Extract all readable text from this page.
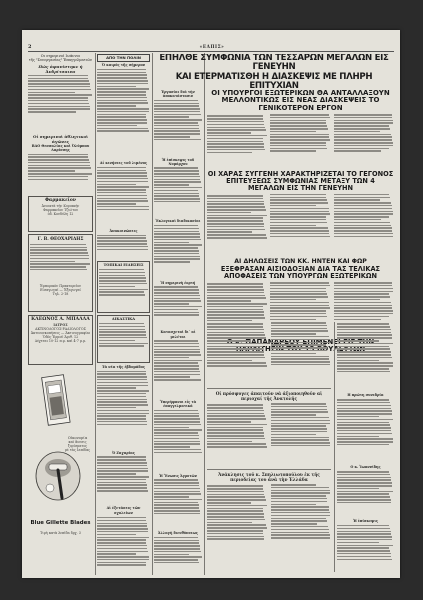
2	«ΕΛΠΙΣ»
Οι σημερινοί Ιωάννοι
τῆς "Συνεργασίας" Ἐπαγγελματιῶν
Πώς ἀφανίστηκε ἡ Ἀνδρίτσαινα
Οἱ σημερινοὶ ἀθλητικοὶ ἀγῶνες
ΒΑΟ Θεσσαλίας καὶ Ὀλύμπου Λαρίσσης
Φαρμακεῖον
Ἀνοικτὰ τὴν Κυριακήν
Φαρμακεῖον Τζιώτου
ὁδ. Κονδύλη 12
Γ. Β. ΘΕΟΧΑΡΙΔΗΣ
Ἐμπορικὸν Πρακτορεῖον
Εἰσαγωγαί — Ἐξαγωγαί
Τηλ. 2-18
ΚΛΕΩΝΟΣ Α. ΜΠΑΛΛΑ
ΙΑΤΡΟΣ
ΑΚΤΙΝΟΛΟΓΟΣ-ΡΑΔΙΟΛΟΓΟΣ
Ἀκτινοσκοπήσεις — Ἀκτινογραφίαι
Ὁδὸς Ἐρμοῦ Ἀριθ. 12
Δέχεται 10-12 π.μ. καὶ 4-7 μ.μ.
Οἰκονομία
καὶ ἄνεσις ξυρίσματος
μὲ τὰς λεπίδας
Blue Gillette Blades
Τιμὴ κατὰ λεπίδα δρχ. 3
ΑΠΟ ΤΗΝ ΠΟΛΙΝ
Ὁ καιρὸς τῆς σήμερον
Αἱ κινήσεις τοῦ λιμένος
Ἀνακοινώσεις
ΤΟΠΙΚΑΙ ΕΙΔΗΣΕΙΣ
ΔΙΚΑΣΤΙΚΑ
Τὰ νέα τῆς ἐβδομάδος
Ὁ Ζαχαρίας
Αἱ ἐξετάσεις τῶν σχολείων
Ἐργασίαι διὰ τὴν ἀποκατάστασιν
Ἡ ἐπίσκεψις τοῦ Νομάρχου
Ἐκλογικαὶ διαδικασίαι
Ἡ σημερινὴ ἐορτή
Κατασχεταὶ δι᾽ αἱ μελέται
Ὑπερήφανοι εἰς τὰ ἐπαγγελματικά
Ἡ Ἕνωσις Ἀγροτῶν
Ἀλλαγὴ διευθύνσεως
ΕΠΗΛΘΕ ΣΥΜΦΩΝΙΑ ΤΩΝ ΤΕΣΣΑΡΩΝ ΜΕΓΑΛΩΝ ΕΙΣ ΓΕΝΕΥΗΝ
ΚΑΙ ΕΤΕΡΜΑΤΙΣΘΗ Η ΔΙΑΣΚΕΨΙΣ ΜΕ ΠΛΗΡΗ ΕΠΙΤΥΧΙΑΝ
ΟΙ ΥΠΟΥΡΓΟΙ ΕΞΩΤΕΡΙΚΩΝ ΘΑ ΑΝΤΑΛΛΑΞΟΥΝ ΜΕΛΛΟΝΤΙΚΩΣ ΕΙΣ ΝΕΑΣ ΔΙΑΣΚΕΨΕΙΣ ΤΟ ΓΕΝΙΚΟΤΕΡΟΝ ΕΡΓΟΝ
ΟΙ ΧΑΡΑΣ ΣΥΓΓΕΝΗ ΧΑΡΑΚΤΗΡΙΖΕΤΑΙ ΤΟ ΓΕΓΟΝΟΣ ΕΠΙΤΕΥΞΕΩΣ ΣΥΜΦΩΝΙΑΣ ΜΕΤΑΞΥ ΤΩΝ 4 ΜΕΓΑΛΩΝ ΕΙΣ ΤΗΝ ΓΕΝΕΥΗΝ
ΑΙ ΔΗΛΩΣΕΙΣ ΤΩΝ ΚΚ. ΗΝΤΕΝ ΚΑΙ ΦΩΡ
ΕΞΕΦΡΑΣΑΝ ΑΙΣΙΟΔΟΞΙΑΝ ΔΙΑ ΤΑΣ ΤΕΛΙΚΑΣ ΑΠΟΦΑΣΕΙΣ ΤΩΝ ΥΠΟΥΡΓΩΝ ΕΞΩΤΕΡΙΚΩΝ
Οἱ πρόσφυγες ἀπαιτοῦν νὰ ἀξιοποιηθοῦν αἱ περιοχαί τῆς Ἀνατολῆς
Ἀνάκλησις τοῦ κ. Σπηλιωτοπούλου ἐκ τῆς περιοδείας του ἀνὰ τὴν Ἑλλάδα
Η πρώτη συνεδρία
Ο κ. Ἰωαννίδης
Ἡ ἐπίσκεψις
